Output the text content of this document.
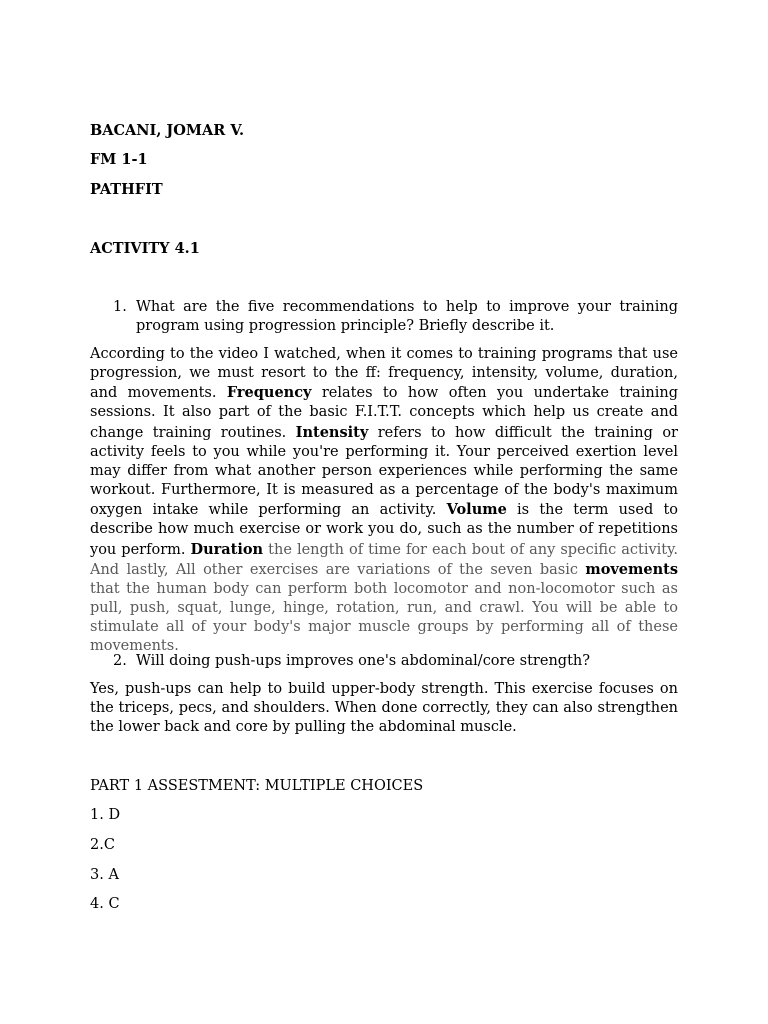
BACANI, JOMAR V.

FM 1-1

PATHFIT

ACTIVITY 4.1

1. What are the five recommendations to help to improve your training program using progression principle? Briefly describe it.

According to the video I watched, when it comes to training programs that use progression, we must resort to the ff: frequency, intensity, volume, duration, and movements. Frequency relates to how often you undertake training sessions. It also part of the basic F.I.T.T. concepts which help us create and change training routines. Intensity refers to how difficult the training or activity feels to you while you're performing it. Your perceived exertion level may differ from what another person experiences while performing the same workout. Furthermore, It is measured as a percentage of the body's maximum oxygen intake while performing an activity. Volume is the term used to describe how much exercise or work you do, such as the number of repetitions you perform. Duration the length of time for each bout of any specific activity. And lastly, All other exercises are variations of the seven basic movements that the human body can perform both locomotor and non-locomotor such as pull, push, squat, lunge, hinge, rotation, run, and crawl. You will be able to stimulate all of your body's major muscle groups by performing all of these movements.

2. Will doing push-ups improves one's abdominal/core strength?

Yes, push-ups can help to build upper-body strength. This exercise focuses on the triceps, pecs, and shoulders. When done correctly, they can also strengthen the lower back and core by pulling the abdominal muscle.

PART 1 ASSESTMENT: MULTIPLE CHOICES

1. D

2.C

3. A

4. C
